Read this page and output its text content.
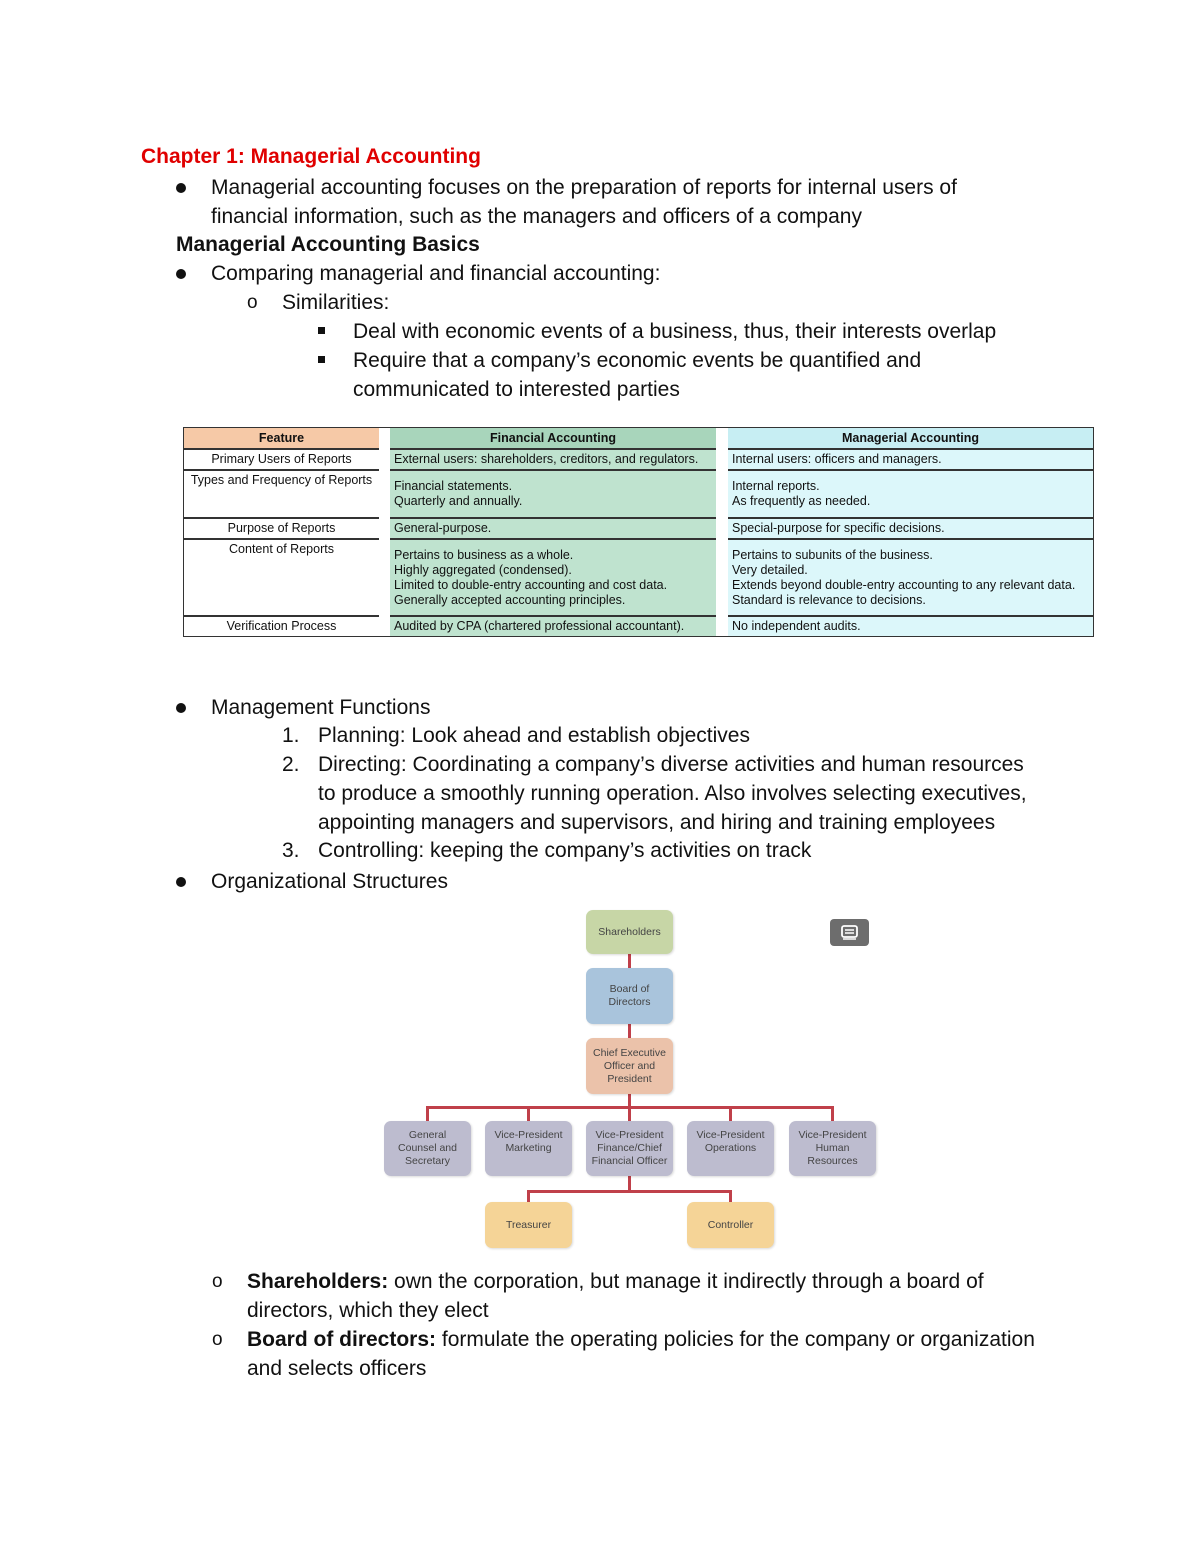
Chapter 1: Managerial Accounting
Managerial accounting focuses on the preparation of reports for internal users of
financial information, such as the managers and officers of a company
Managerial Accounting Basics
Comparing managerial and financial accounting:
o Similarities:
Deal with economic events of a business, thus, their interests overlap
Require that a company’s economic events be quantified and
communicated to interested parties
Feature
Primary Users of Reports
Types and Frequency of Reports
Purpose of Reports
Content of Reports
Verification Process
Financial Accounting
External users: shareholders, creditors, and regulators.
Financial statements.
Quarterly and annually.
General-purpose.
Pertains to business as a whole.
Highly aggregated (condensed).
Limited to double-entry accounting and cost data.
Generally accepted accounting principles.
Audited by CPA (chartered professional accountant).
Managerial Accounting
Internal users: officers and managers.
Internal reports.
As frequently as needed.
Special-purpose for specific decisions.
Pertains to subunits of the business.
Very detailed.
Extends beyond double-entry accounting to any relevant data.
Standard is relevance to decisions.
No independent audits.
Management Functions
1. Planning: Look ahead and establish objectives
2. Directing: Coordinating a company’s diverse activities and human resources
to produce a smoothly running operation. Also involves selecting executives,
appointing managers and supervisors, and hiring and training employees
3. Controlling: keeping the company’s activities on track
Organizational Structures
Shareholders
Board of
Directors
Chief Executive
Officer and
President
General
Counsel and
Secretary
Vice-President
Marketing
Vice-President
Finance/Chief
Financial Officer
Vice-President
Operations
Vice-President
Human
Resources
Treasurer	Controller
o Shareholders: own the corporation, but manage it indirectly through a board of
directors, which they elect
o Board of directors: formulate the operating policies for the company or organization
and selects officers
